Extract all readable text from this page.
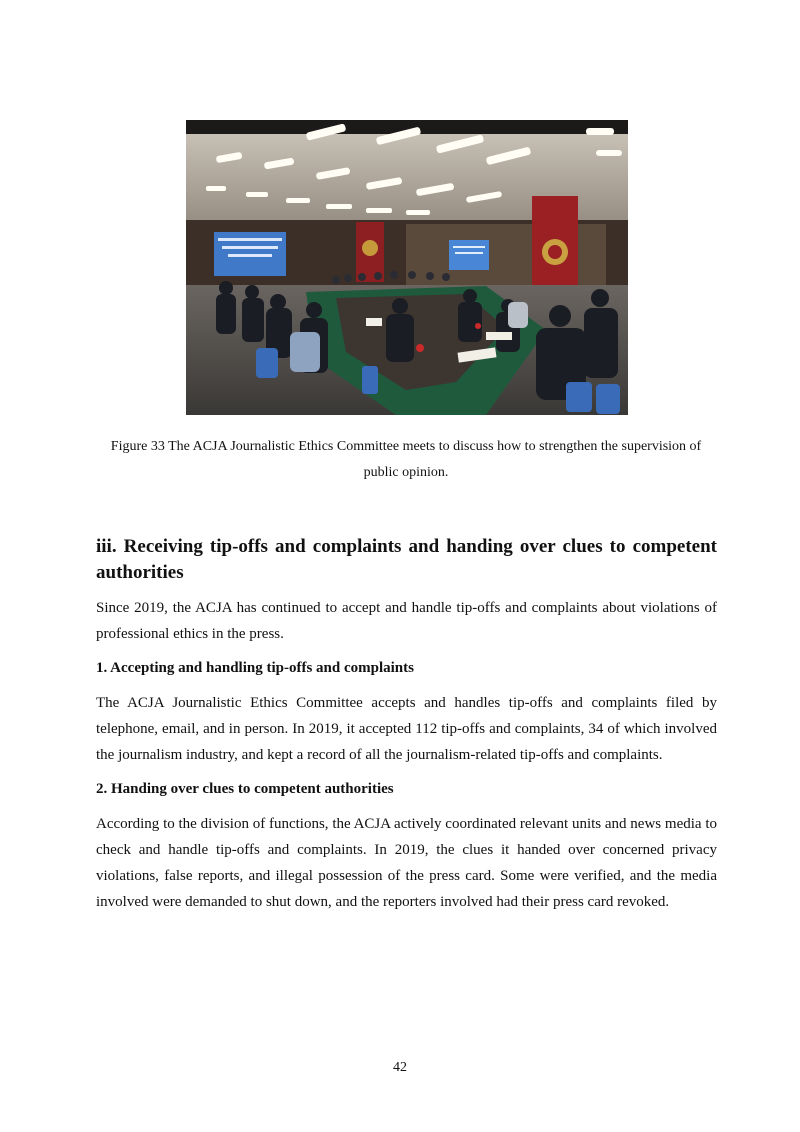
Figure 33 The ACJA Journalistic Ethics Committee meets to discuss how to strengthen the supervision of
public opinion.

iii. Receiving tip-offs and complaints and handing over clues to competent authorities

Since 2019, the ACJA has continued to accept and handle tip-offs and complaints about violations of professional ethics in the press.

1. Accepting and handling tip-offs and complaints

The ACJA Journalistic Ethics Committee accepts and handles tip-offs and complaints filed by telephone, email, and in person. In 2019, it accepted 112 tip-offs and complaints, 34 of which involved the journalism industry, and kept a record of all the journalism-related tip-offs and complaints.

2. Handing over clues to competent authorities

According to the division of functions, the ACJA actively coordinated relevant units and news media to check and handle tip-offs and complaints. In 2019, the clues it handed over concerned privacy violations, false reports, and illegal possession of the press card. Some were verified, and the media involved were demanded to shut down, and the reporters involved had their press card revoked.

42
